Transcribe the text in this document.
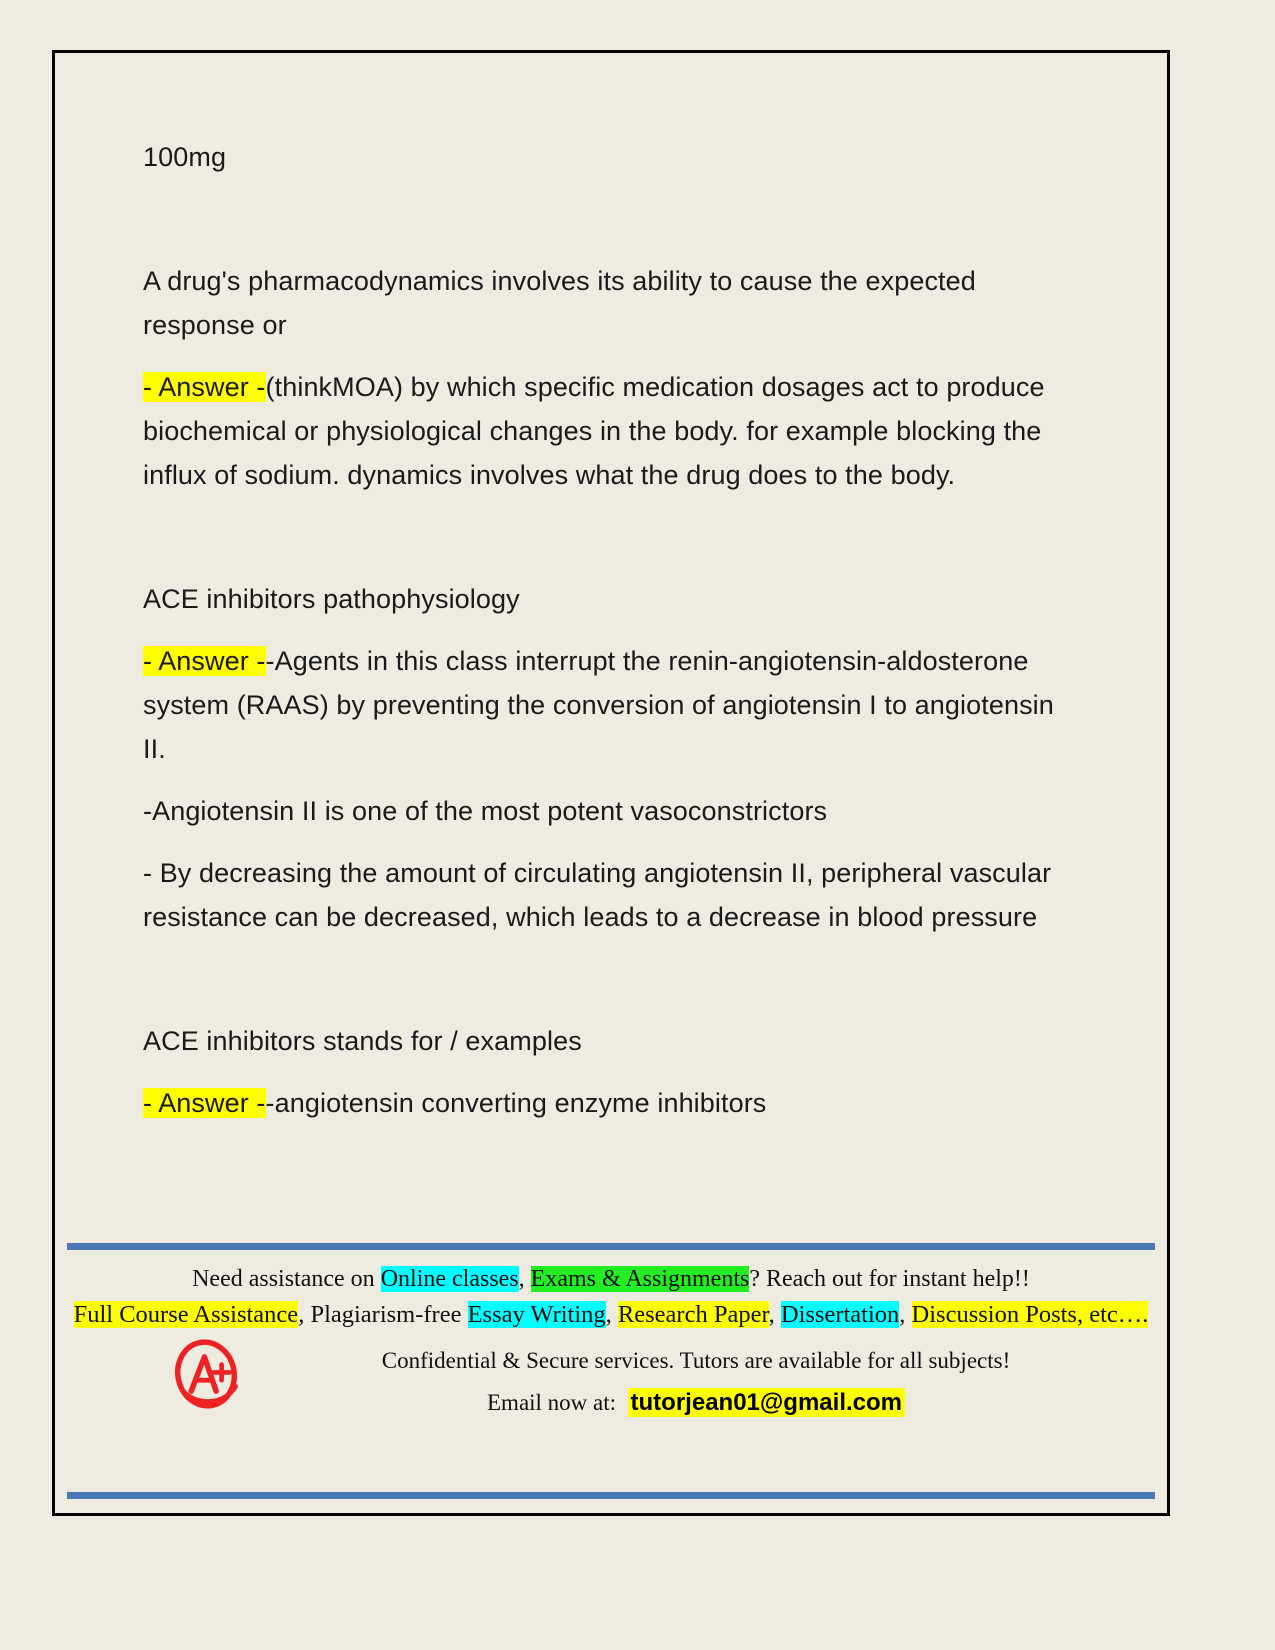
100mg

A drug's pharmacodynamics involves its ability to cause the expected response or

- Answer -(thinkMOA) by which specific medication dosages act to produce biochemical or physiological changes in the body. for example blocking the influx of sodium. dynamics involves what the drug does to the body.

ACE inhibitors pathophysiology

- Answer --Agents in this class interrupt the renin-angiotensin-aldosterone system (RAAS) by preventing the conversion of angiotensin I to angiotensin II.

-Angiotensin II is one of the most potent vasoconstrictors

- By decreasing the amount of circulating angiotensin II, peripheral vascular resistance can be decreased, which leads to a decrease in blood pressure

ACE inhibitors stands for / examples

- Answer --angiotensin converting enzyme inhibitors

Need assistance on Online classes, Exams & Assignments? Reach out for instant help!!
Full Course Assistance, Plagiarism-free Essay Writing, Research Paper, Dissertation, Discussion Posts, etc….
Confidential & Secure services. Tutors are available for all subjects!
Email now at: tutorjean01@gmail.com
